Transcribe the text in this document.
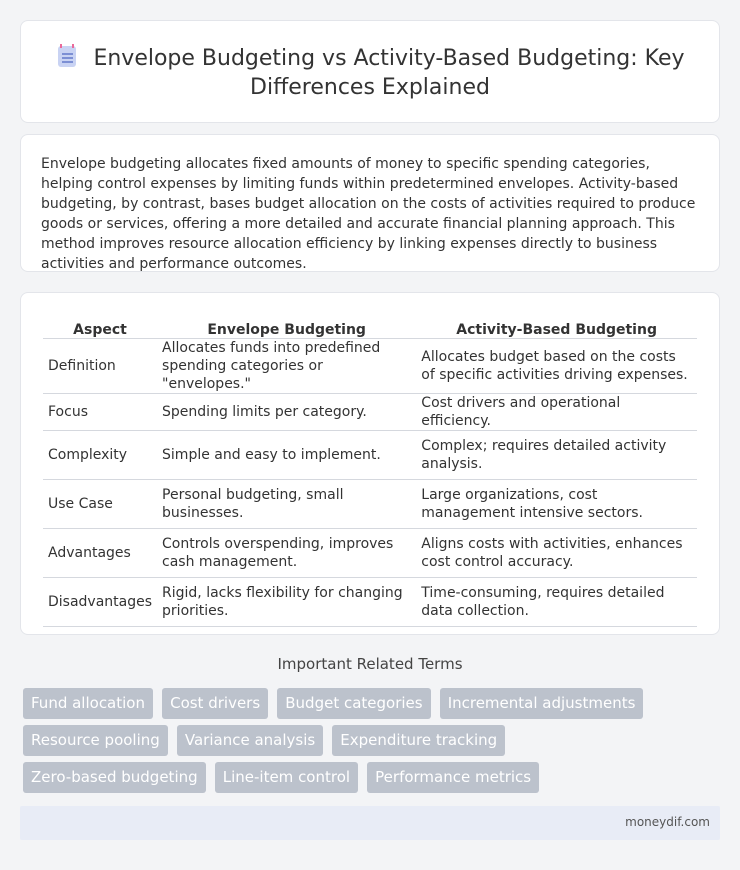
Envelope Budgeting vs Activity-Based Budgeting: Key Differences Explained

Envelope budgeting allocates fixed amounts of money to specific spending categories, helping control expenses by limiting funds within predetermined envelopes. Activity-based budgeting, by contrast, bases budget allocation on the costs of activities required to produce goods or services, offering a more detailed and accurate financial planning approach. This method improves resource allocation efficiency by linking expenses directly to business activities and performance outcomes.

Aspect	Envelope Budgeting	Activity-Based Budgeting
Definition	Allocates funds into predefined spending categories or "envelopes."	Allocates budget based on the costs of specific activities driving expenses.
Focus	Spending limits per category.	Cost drivers and operational efficiency.
Complexity	Simple and easy to implement.	Complex; requires detailed activity analysis.
Use Case	Personal budgeting, small businesses.	Large organizations, cost management intensive sectors.
Advantages	Controls overspending, improves cash management.	Aligns costs with activities, enhances cost control accuracy.
Disadvantages	Rigid, lacks flexibility for changing priorities.	Time-consuming, requires detailed data collection.
Important Related Terms
Fund allocation Cost drivers Budget categories Incremental adjustments Resource pooling Variance analysis Expenditure tracking Zero-based budgeting Line-item control Performance metrics
moneydif.com
